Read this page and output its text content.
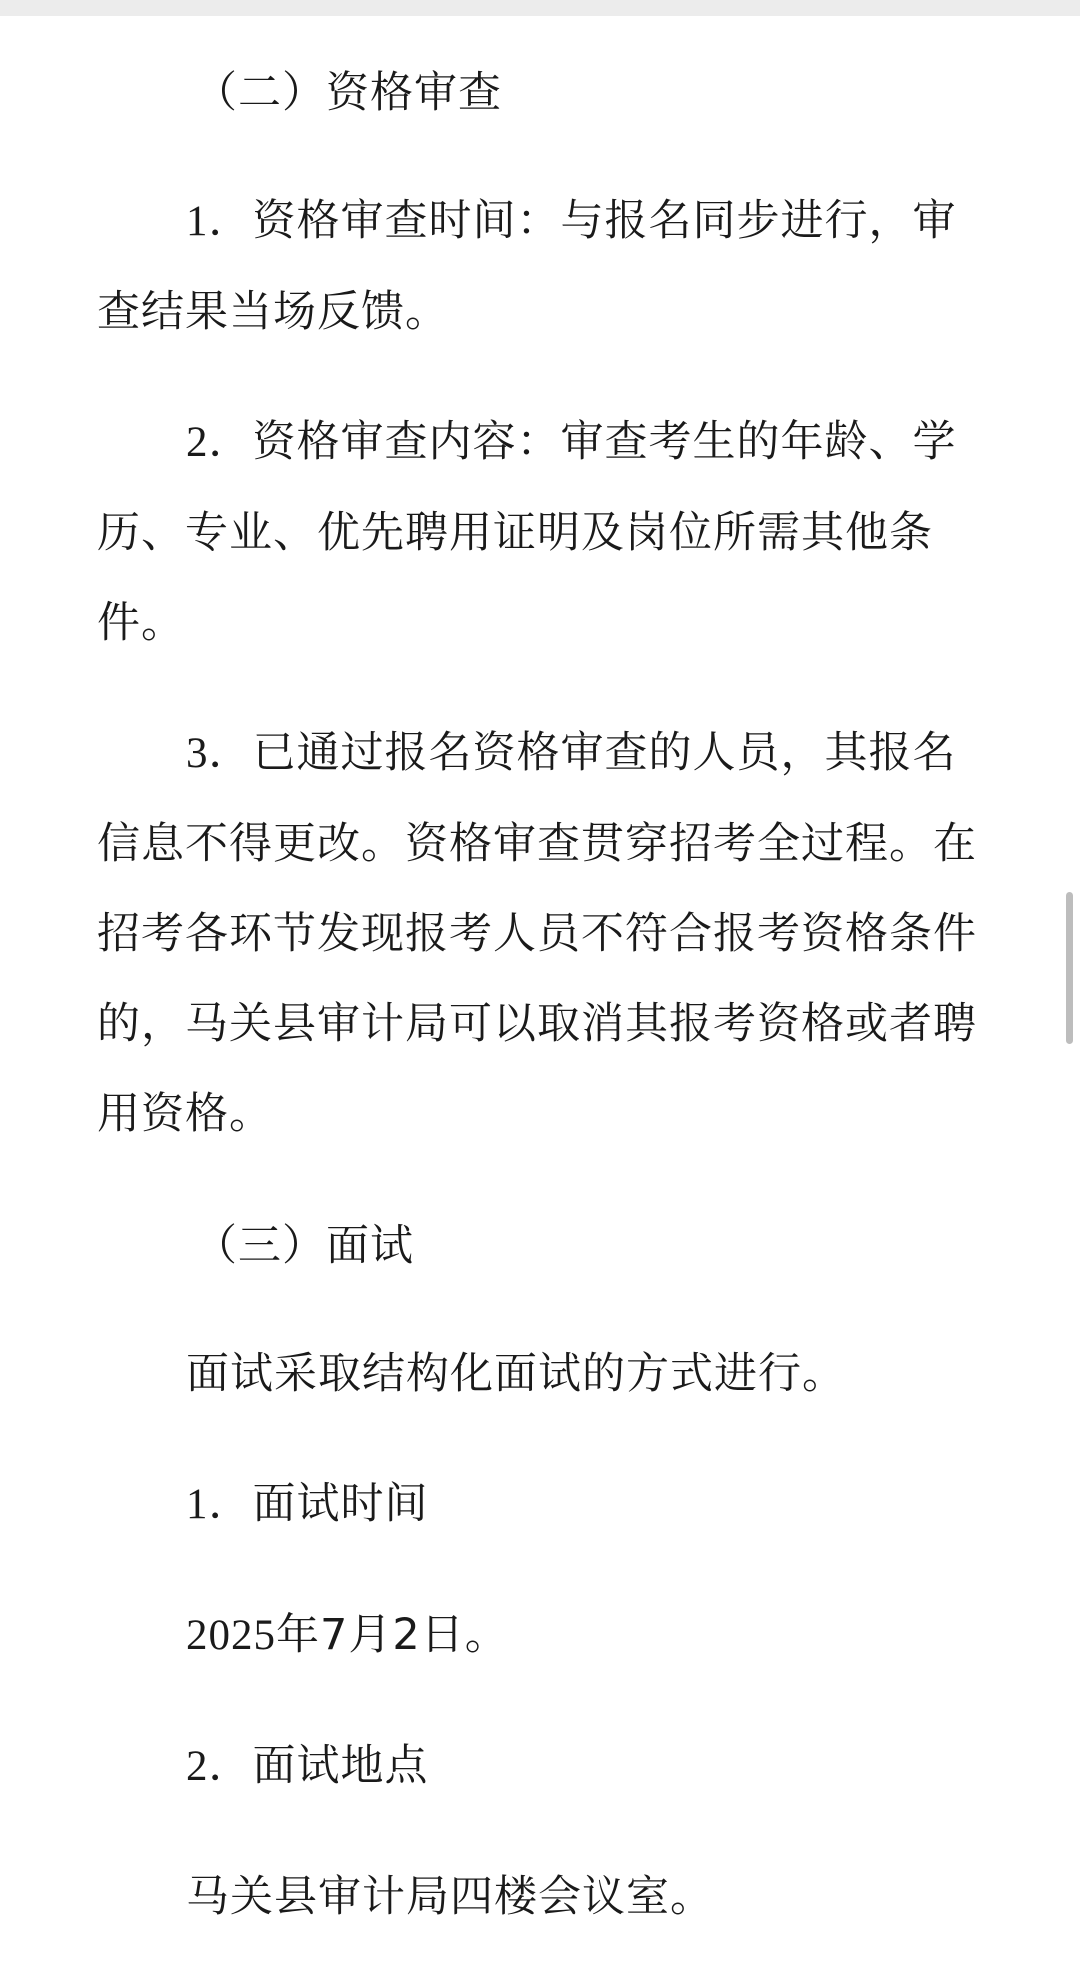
（二）资格审查

1．资格审查时间：与报名同步进行，审查结果当场反馈。

2．资格审查内容：审查考生的年龄、学历、专业、优先聘用证明及岗位所需其他条件。

3．已通过报名资格审查的人员，其报名信息不得更改。资格审查贯穿招考全过程。在招考各环节发现报考人员不符合报考资格条件的，马关县审计局可以取消其报考资格或者聘用资格。

（三）面试

面试采取结构化面试的方式进行。

1．面试时间

2025年7月2日。

2．面试地点

马关县审计局四楼会议室。
